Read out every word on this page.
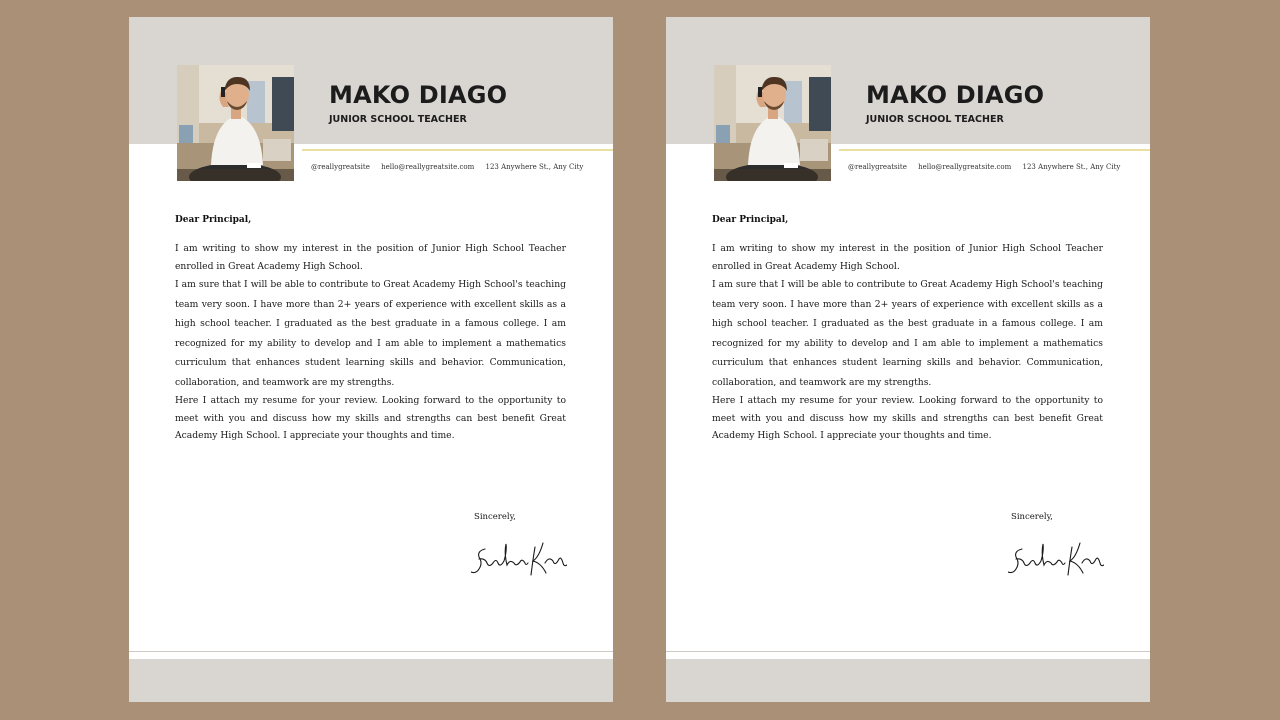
MAKO DIAGO
JUNIOR SCHOOL TEACHER
@reallygreatsite hello@reallygreatsite.com 123 Anywhere St., Any City
Dear Principal,

I am writing to show my interest in the position of Junior High School Teacher enrolled in Great Academy High School.

I am sure that I will be able to contribute to Great Academy High School's teaching team very soon. I have more than 2+ years of experience with excellent skills as a high school teacher. I graduated as the best graduate in a famous college. I am recognized for my ability to develop and I am able to implement a mathematics curriculum that enhances student learning skills and behavior. Communication, collaboration, and teamwork are my strengths.

Here I attach my resume for your review. Looking forward to the opportunity to meet with you and discuss how my skills and strengths can best benefit Great Academy High School. I appreciate your thoughts and time.

Sincerely,
MAKO DIAGO
JUNIOR SCHOOL TEACHER
@reallygreatsite hello@reallygreatsite.com 123 Anywhere St., Any City
Dear Principal,

I am writing to show my interest in the position of Junior High School Teacher enrolled in Great Academy High School.

I am sure that I will be able to contribute to Great Academy High School's teaching team very soon. I have more than 2+ years of experience with excellent skills as a high school teacher. I graduated as the best graduate in a famous college. I am recognized for my ability to develop and I am able to implement a mathematics curriculum that enhances student learning skills and behavior. Communication, collaboration, and teamwork are my strengths.

Here I attach my resume for your review. Looking forward to the opportunity to meet with you and discuss how my skills and strengths can best benefit Great Academy High School. I appreciate your thoughts and time.

Sincerely,
